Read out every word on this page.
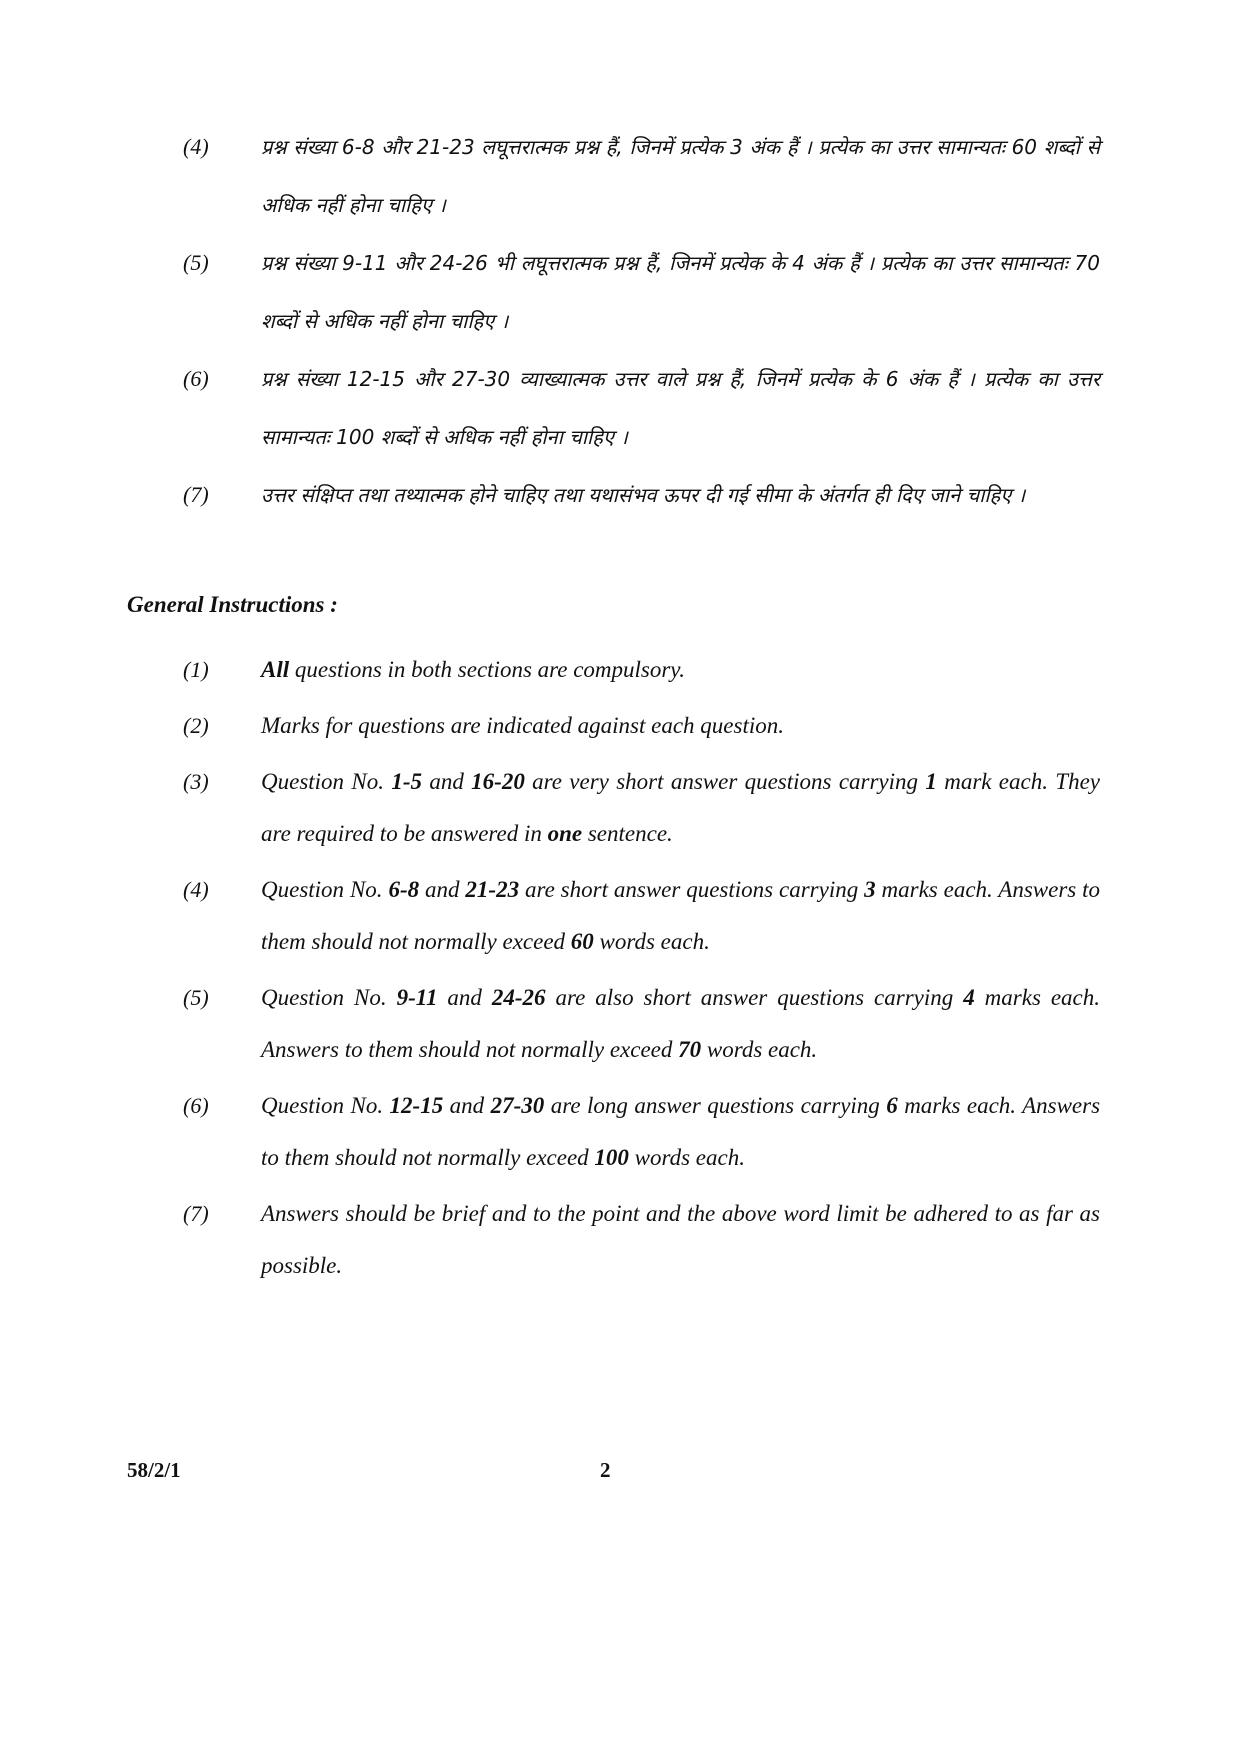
(4)	प्रश्न संख्या 6-8 और 21-23 लघूत्तरात्मक प्रश्न हैं, जिनमें प्रत्येक 3 अंक हैं । प्रत्येक का उत्तर सामान्यतः 60 शब्दों से अधिक नहीं होना चाहिए ।
(5)	प्रश्न संख्या 9-11 और 24-26 भी लघूत्तरात्मक प्रश्न हैं, जिनमें प्रत्येक के 4 अंक हैं । प्रत्येक का उत्तर सामान्यतः 70 शब्दों से अधिक नहीं होना चाहिए ।
(6)	प्रश्न संख्या 12-15 और 27-30 व्याख्यात्मक उत्तर वाले प्रश्न हैं, जिनमें प्रत्येक के 6 अंक हैं । प्रत्येक का उत्तर सामान्यतः 100 शब्दों से अधिक नहीं होना चाहिए ।
(7)	उत्तर संक्षिप्त तथा तथ्यात्मक होने चाहिए तथा यथासंभव ऊपर दी गई सीमा के अंतर्गत ही दिए जाने चाहिए ।
General Instructions :
(1)	All questions in both sections are compulsory.
(2)	Marks for questions are indicated against each question.
(3)	Question No. 1-5 and 16-20 are very short answer questions carrying 1 mark each. They are required to be answered in one sentence.
(4)	Question No. 6-8 and 21-23 are short answer questions carrying 3 marks each. Answers to them should not normally exceed 60 words each.
(5)	Question No. 9-11 and 24-26 are also short answer questions carrying 4 marks each. Answers to them should not normally exceed 70 words each.
(6)	Question No. 12-15 and 27-30 are long answer questions carrying 6 marks each. Answers to them should not normally exceed 100 words each.
(7)	Answers should be brief and to the point and the above word limit be adhered to as far as possible.
58/2/1	2
